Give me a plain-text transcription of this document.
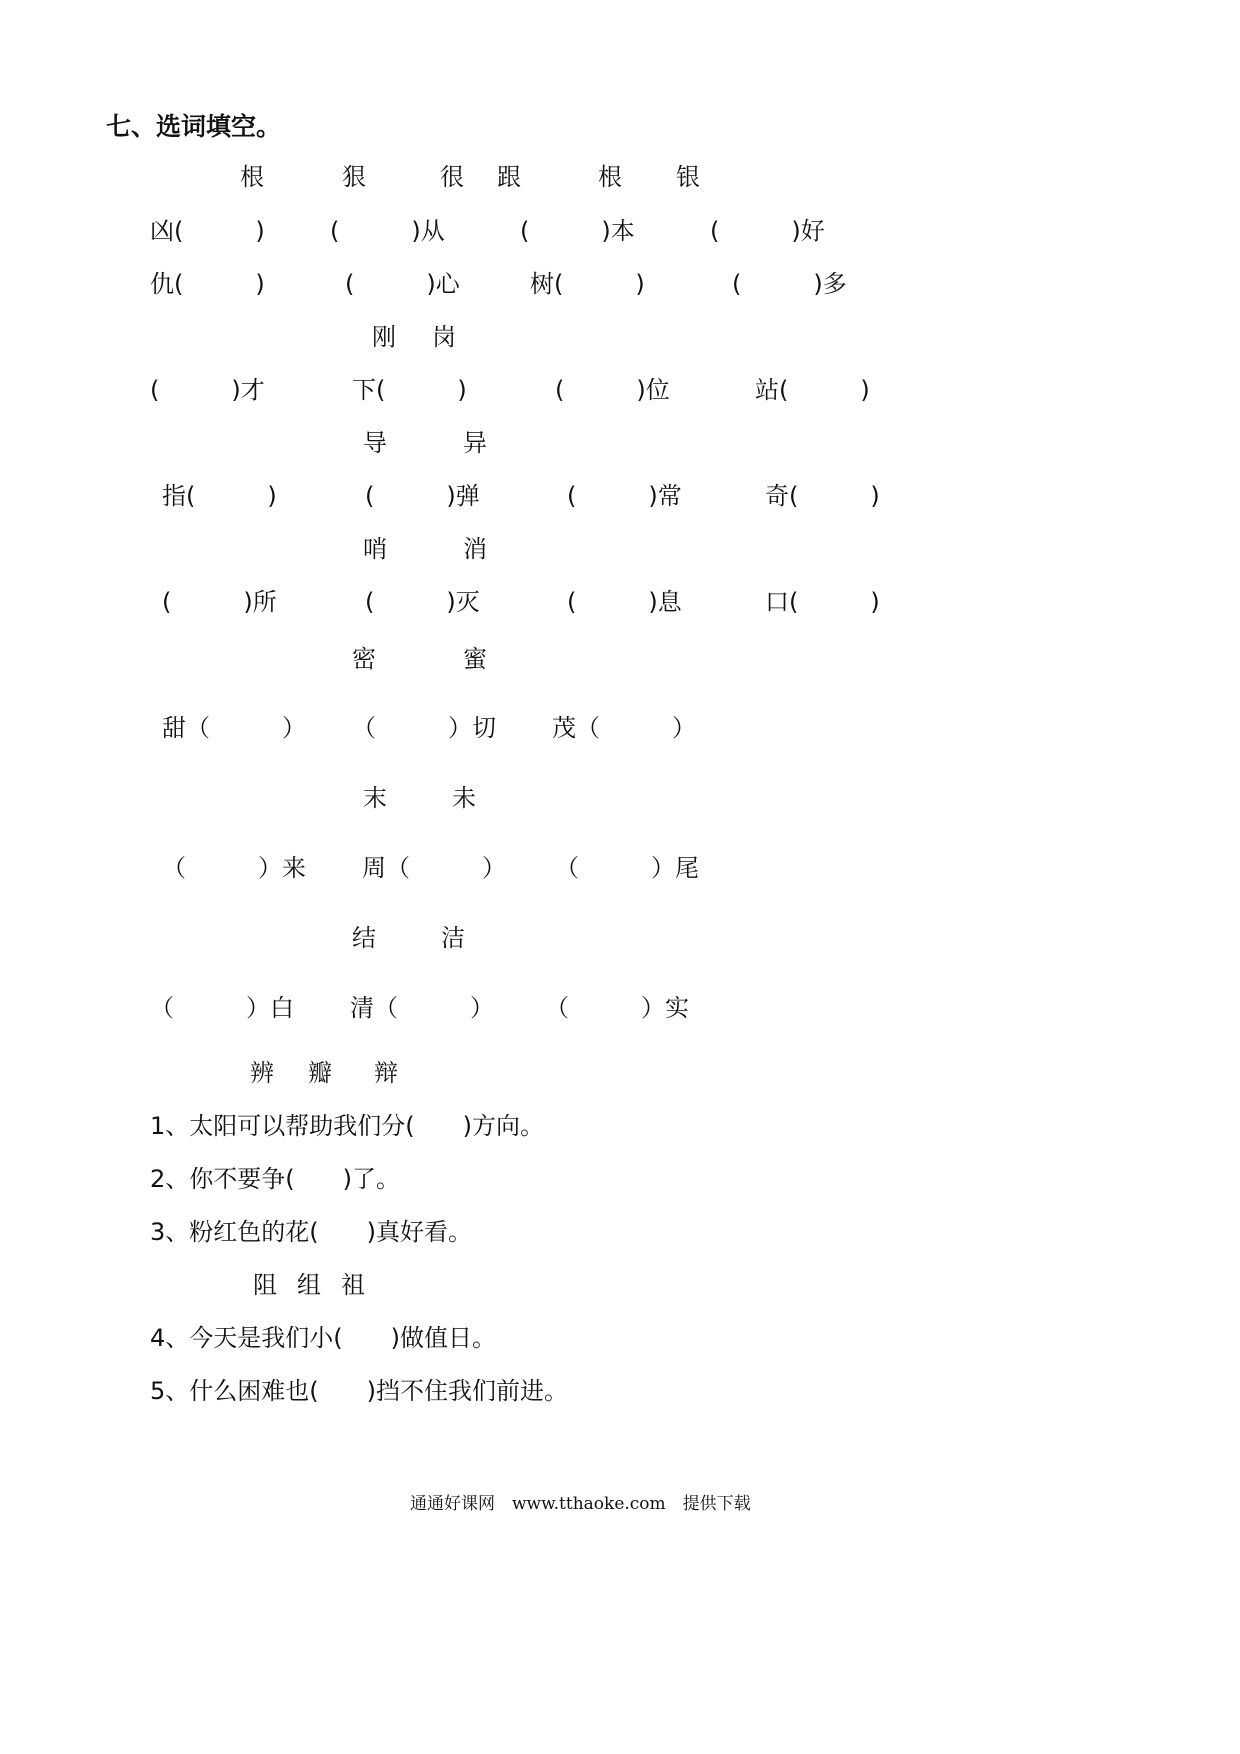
七、选词填空。
根	狠	很 跟	根 银
凶(　　　)	(　　　)从	(　　　)本	(　　　)好
仇(　　　)	(　　　)心	树(　　　)	(　　　)多
刚 岗
(　　　)才	下(　　　)	(　　　)位	站(　　　)
导	异
指(　　　)	(　　　)弹	(　　　)常	奇(　　　)
哨	消
(　　　)所	(　　　)灭	(　　　)息	口(　　　)
密	蜜
甜（　　　） （　　　）切 茂（　　　）
末	未
（　　　）来 周（　　　） （　　　）尾
结	洁
（　　　）白 清（　　　） （　　　）实
辨 瓣 辩
1、太阳可以帮助我们分(　　)方向。
2、你不要争(　　)了。
3、粉红色的花(　　)真好看。
阻 组 祖
4、今天是我们小(　　)做值日。
5、什么困难也(　　)挡不住我们前进。
通通好课网　www.tthaoke.com　提供下载
